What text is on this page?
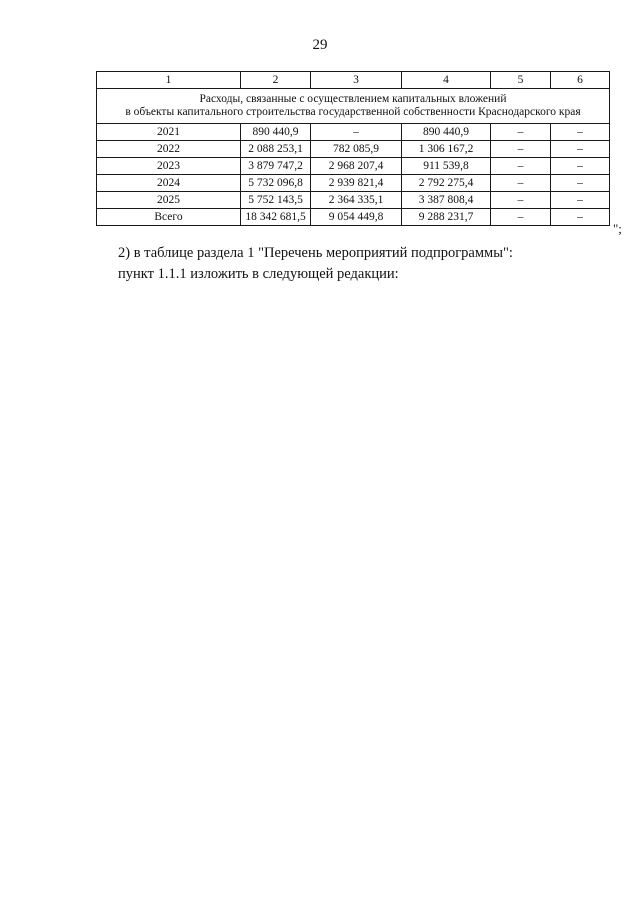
29
1	2	3	4	5	6

Расходы, связанные с осуществлением капитальных вложений
в объекты капитального строительства государственной собственности Краснодарского края					

2021	890 440,9	–	890 440,9	–	–
2022	2 088 253,1	782 085,9	1 306 167,2	–	–
2023	3 879 747,2	2 968 207,4	911 539,8	–	–
2024	5 732 096,8	2 939 821,4	2 792 275,4	–	–
2025	5 752 143,5	2 364 335,1	3 387 808,4	–	–
Всего	18 342 681,5	9 054 449,8	9 288 231,7	–	–
";
2) в таблице раздела 1 "Перечень мероприятий подпрограммы":
пункт 1.1.1 изложить в следующей редакции:
